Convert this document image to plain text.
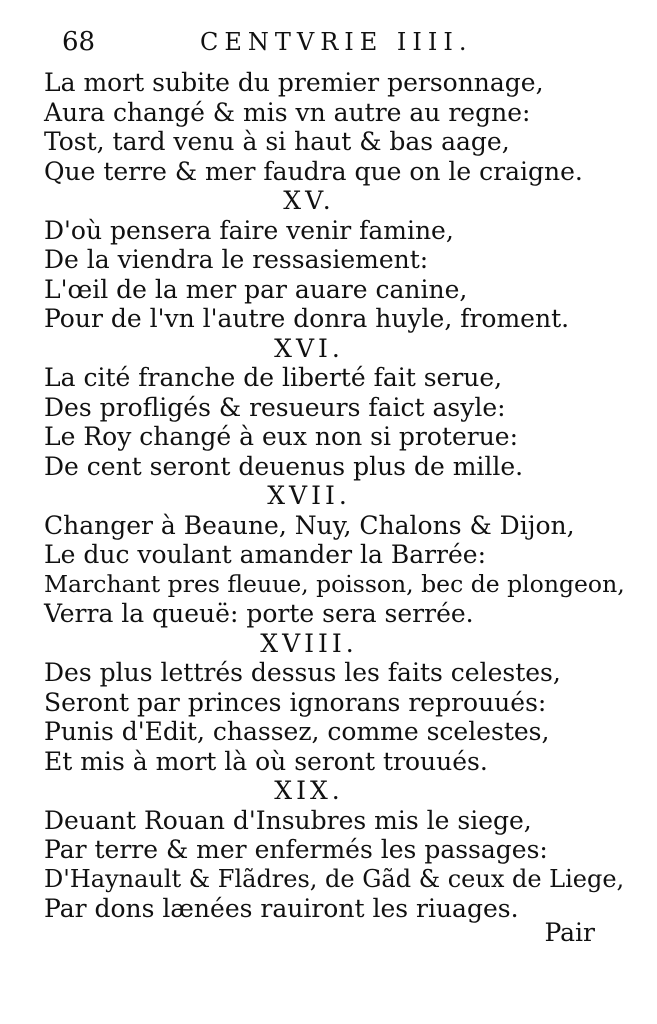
68	CENTVRIE IIII.
La mort subite du premier personnage,
Aura changé & mis vn autre au regne:
Tost, tard venu à si haut & bas aage,
Que terre & mer faudra que on le craigne.
XV.
D'où pensera faire venir famine,
De la viendra le ressasiement:
L'œil de la mer par auare canine,
Pour de l'vn l'autre donra huyle, froment.
XVI.
La cité franche de liberté fait serue,
Des profligés & resueurs faict asyle:
Le Roy changé à eux non si proterue:
De cent seront deuenus plus de mille.
XVII.
Changer à Beaune, Nuy, Chalons & Dijon,
Le duc voulant amander la Barrée:
Marchant pres fleuue, poisson, bec de plongeon,
Verra la queuë: porte sera serrée.
XVIII.
Des plus lettrés dessus les faits celestes,
Seront par princes ignorans reprouués:
Punis d'Edit, chassez, comme scelestes,
Et mis à mort là où seront trouués.
XIX.
Deuant Rouan d'Insubres mis le siege,
Par terre & mer enfermés les passages:
D'Haynault & Flãdres, de Gãd & ceux de Liege,
Par dons lænées rauiront les riuages.
Pair
